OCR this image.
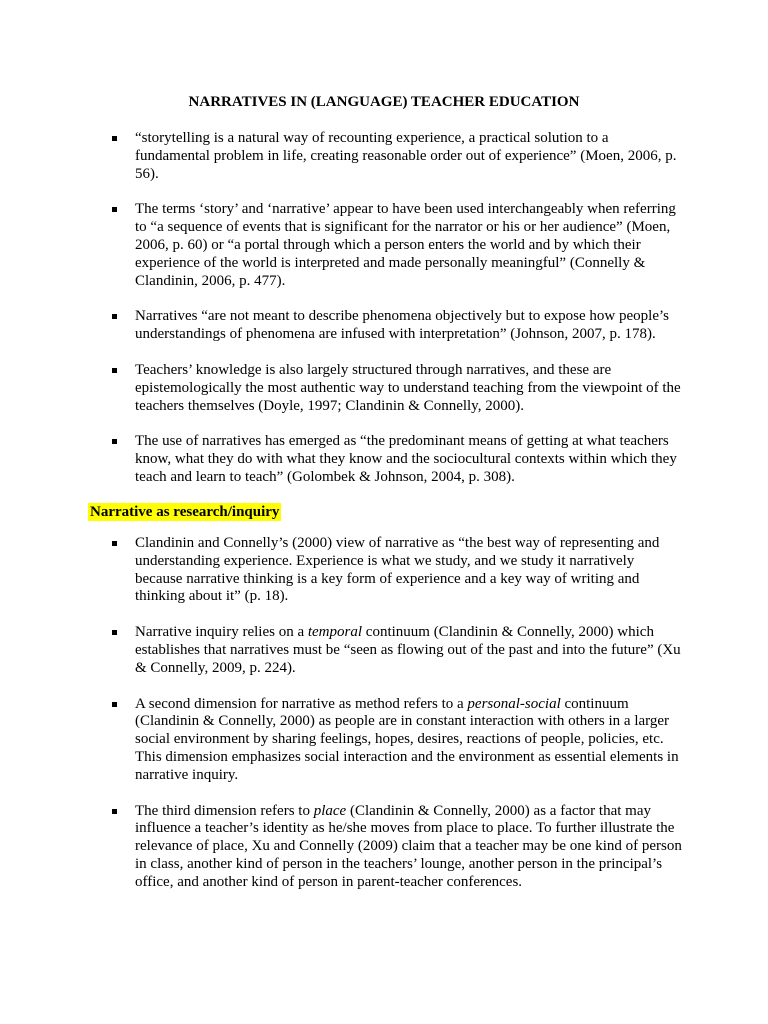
NARRATIVES IN (LANGUAGE) TEACHER EDUCATION
“storytelling is a natural way of recounting experience, a practical solution to a fundamental problem in life, creating reasonable order out of experience” (Moen, 2006, p. 56).
The terms ‘story’ and ‘narrative’ appear to have been used interchangeably when referring to “a sequence of events that is significant for the narrator or his or her audience” (Moen, 2006, p. 60) or “a portal through which a person enters the world and by which their experience of the world is interpreted and made personally meaningful” (Connelly & Clandinin, 2006, p. 477).
Narratives “are not meant to describe phenomena objectively but to expose how people’s understandings of phenomena are infused with interpretation” (Johnson, 2007, p. 178).
Teachers’ knowledge is also largely structured through narratives, and these are epistemologically the most authentic way to understand teaching from the viewpoint of the teachers themselves (Doyle, 1997; Clandinin & Connelly, 2000).
The use of narratives has emerged as “the predominant means of getting at what teachers know, what they do with what they know and the sociocultural contexts within which they teach and learn to teach” (Golombek & Johnson, 2004, p. 308).
Narrative as research/inquiry
Clandinin and Connelly’s (2000) view of narrative as “the best way of representing and understanding experience. Experience is what we study, and we study it narratively because narrative thinking is a key form of experience and a key way of writing and thinking about it” (p. 18).
Narrative inquiry relies on a temporal continuum (Clandinin & Connelly, 2000) which establishes that narratives must be “seen as flowing out of the past and into the future” (Xu & Connelly, 2009, p. 224).
A second dimension for narrative as method refers to a personal-social continuum (Clandinin & Connelly, 2000) as people are in constant interaction with others in a larger social environment by sharing feelings, hopes, desires, reactions of people, policies, etc. This dimension emphasizes social interaction and the environment as essential elements in narrative inquiry.
The third dimension refers to place (Clandinin & Connelly, 2000) as a factor that may influence a teacher’s identity as he/she moves from place to place. To further illustrate the relevance of place, Xu and Connelly (2009) claim that a teacher may be one kind of person in class, another kind of person in the teachers’ lounge, another person in the principal’s office, and another kind of person in parent-teacher conferences.
